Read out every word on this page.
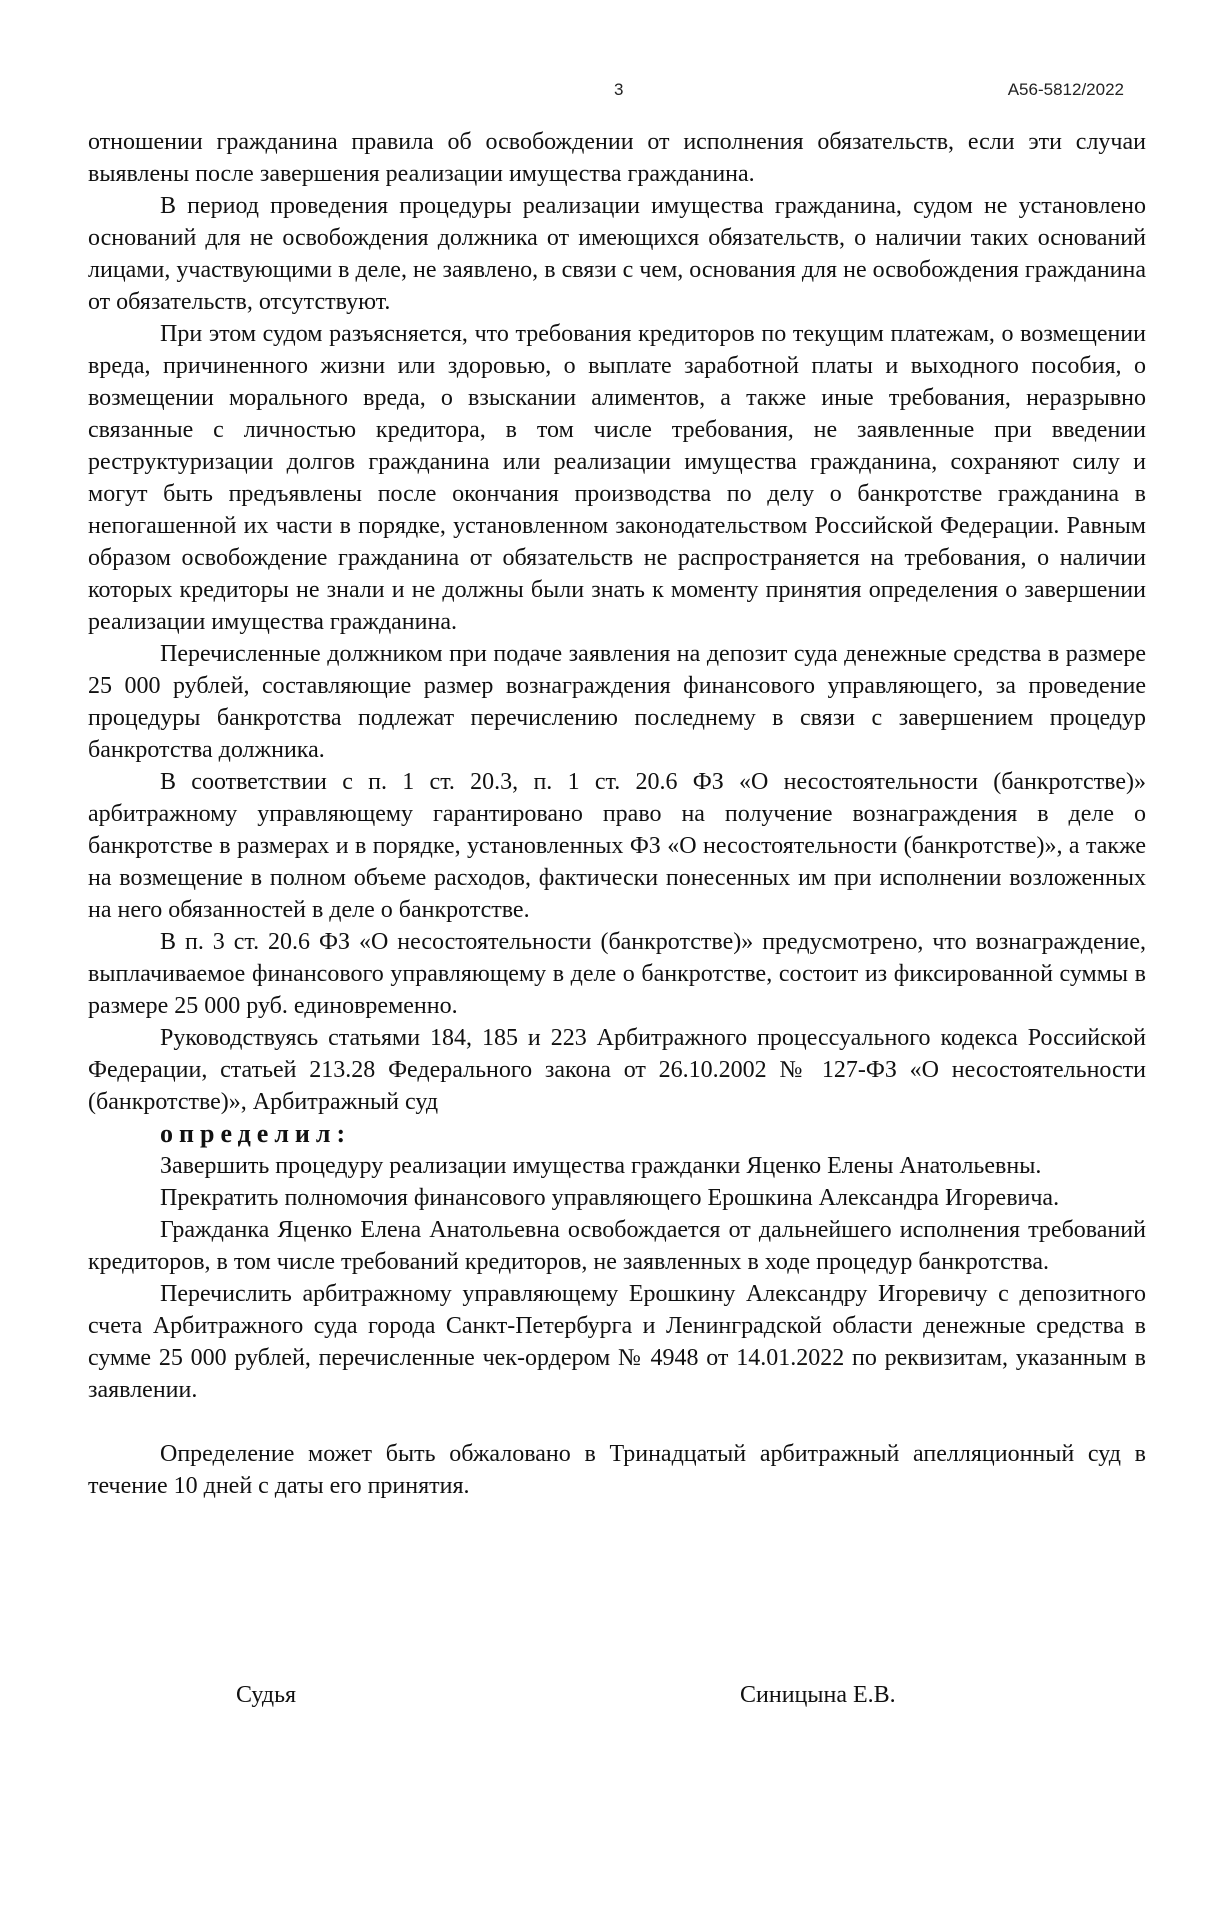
3	А56-5812/2022

отношении гражданина правила об освобождении от исполнения обязательств, если эти случаи выявлены после завершения реализации имущества гражданина.

В период проведения процедуры реализации имущества гражданина, судом не установлено оснований для не освобождения должника от имеющихся обязательств, о наличии таких оснований лицами, участвующими в деле, не заявлено, в связи с чем, основания для не освобождения гражданина от обязательств, отсутствуют.

При этом судом разъясняется, что требования кредиторов по текущим платежам, о возмещении вреда, причиненного жизни или здоровью, о выплате заработной платы и выходного пособия, о возмещении морального вреда, о взыскании алиментов, а также иные требования, неразрывно связанные с личностью кредитора, в том числе требования, не заявленные при введении реструктуризации долгов гражданина или реализации имущества гражданина, сохраняют силу и могут быть предъявлены после окончания производства по делу о банкротстве гражданина в непогашенной их части в порядке, установленном законодательством Российской Федерации. Равным образом освобождение гражданина от обязательств не распространяется на требования, о наличии которых кредиторы не знали и не должны были знать к моменту принятия определения о завершении реализации имущества гражданина.

Перечисленные должником при подаче заявления на депозит суда денежные средства в размере 25 000 рублей, составляющие размер вознаграждения финансового управляющего, за проведение процедуры банкротства подлежат перечислению последнему в связи с завершением процедур банкротства должника.

В соответствии с п. 1 ст. 20.3, п. 1 ст. 20.6 ФЗ «О несостоятельности (банкротстве)» арбитражному управляющему гарантировано право на получение вознаграждения в деле о банкротстве в размерах и в порядке, установленных ФЗ «О несостоятельности (банкротстве)», а также на возмещение в полном объеме расходов, фактически понесенных им при исполнении возложенных на него обязанностей в деле о банкротстве.

В п. 3 ст. 20.6 ФЗ «О несостоятельности (банкротстве)» предусмотрено, что вознаграждение, выплачиваемое финансового управляющему в деле о банкротстве, состоит из фиксированной суммы в размере 25 000 руб. единовременно.

Руководствуясь статьями 184, 185 и 223 Арбитражного процессуального кодекса Российской Федерации, статьей 213.28 Федерального закона от 26.10.2002 № 127-ФЗ «О несостоятельности (банкротстве)», Арбитражный суд

определил:

Завершить процедуру реализации имущества гражданки Яценко Елены Анатольевны.

Прекратить полномочия финансового управляющего Ерошкина Александра Игоревича.

Гражданка Яценко Елена Анатольевна освобождается от дальнейшего исполнения требований кредиторов, в том числе требований кредиторов, не заявленных в ходе процедур банкротства.

Перечислить арбитражному управляющему Ерошкину Александру Игоревичу с депозитного счета Арбитражного суда города Санкт-Петербурга и Ленинградской области денежные средства в сумме 25 000 рублей, перечисленные чек-ордером № 4948 от 14.01.2022 по реквизитам, указанным в заявлении.

Определение может быть обжаловано в Тринадцатый арбитражный апелляционный суд в течение 10 дней с даты его принятия.

Судья	Синицына Е.В.
